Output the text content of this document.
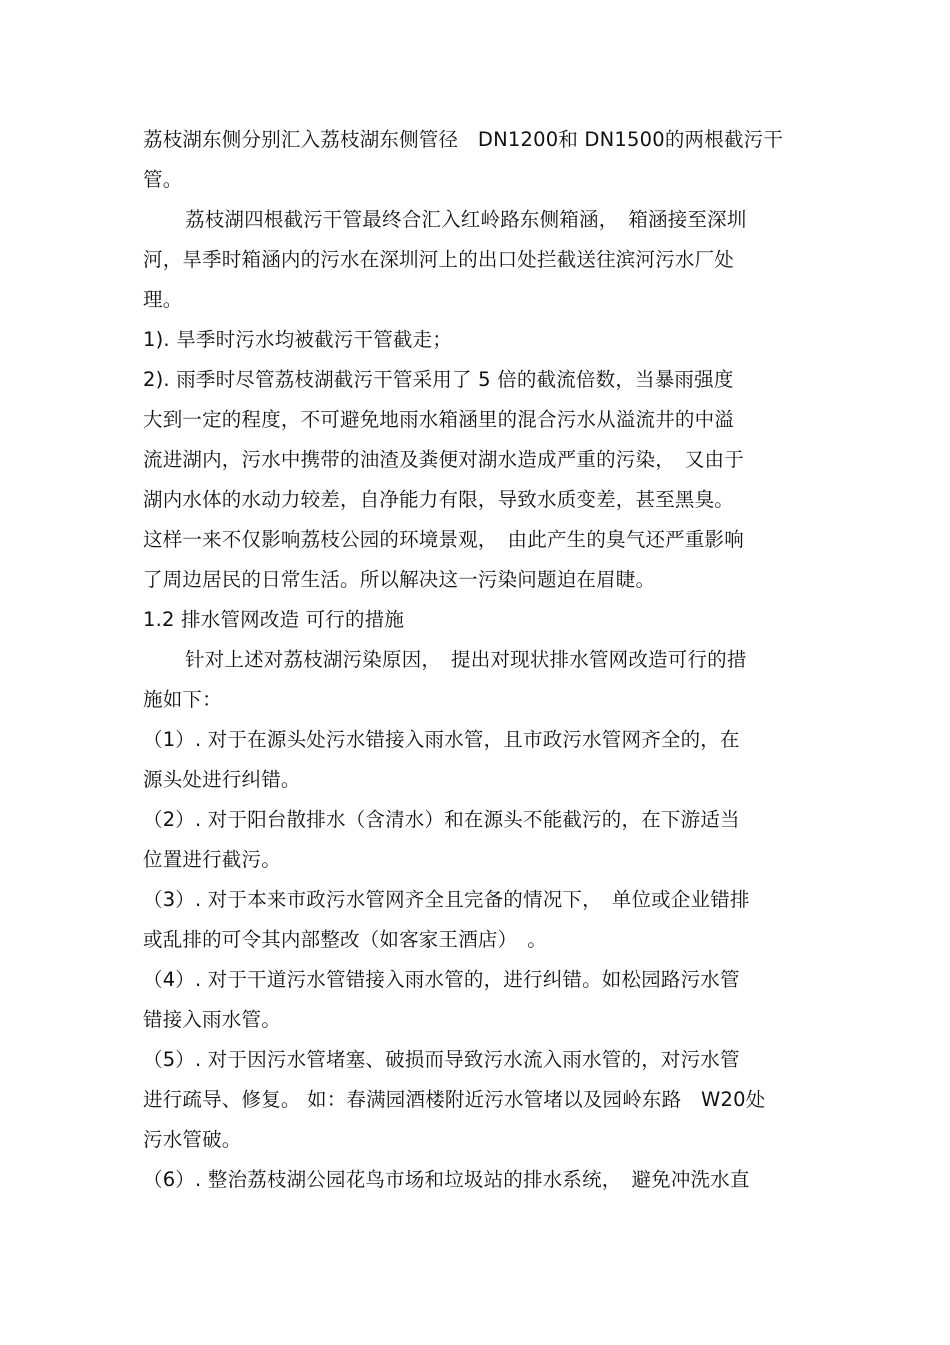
荔枝湖东侧分别汇入荔枝湖东侧管径　DN1200和 DN1500的两根截污干
管。
荔枝湖四根截污干管最终合汇入红岭路东侧箱涵，　箱涵接至深圳
河，旱季时箱涵内的污水在深圳河上的出口处拦截送往滨河污水厂处
理。
1). 旱季时污水均被截污干管截走；
2). 雨季时尽管荔枝湖截污干管采用了 5 倍的截流倍数，当暴雨强度
大到一定的程度，不可避免地雨水箱涵里的混合污水从溢流井的中溢
流进湖内，污水中携带的油渣及粪便对湖水造成严重的污染，　又由于
湖内水体的水动力较差，自净能力有限，导致水质变差，甚至黑臭。
这样一来不仅影响荔枝公园的环境景观，　由此产生的臭气还严重影响
了周边居民的日常生活。所以解决这一污染问题迫在眉睫。
1.2 排水管网改造 可行的措施
针对上述对荔枝湖污染原因，　提出对现状排水管网改造可行的措
施如下：
（1）. 对于在源头处污水错接入雨水管，且市政污水管网齐全的，在
源头处进行纠错。
（2）. 对于阳台散排水（含清水）和在源头不能截污的，在下游适当
位置进行截污。
（3）. 对于本来市政污水管网齐全且完备的情况下，　单位或企业错排
或乱排的可令其内部整改（如客家王酒店）　。
（4）. 对于干道污水管错接入雨水管的，进行纠错。如松园路污水管
错接入雨水管。
（5）. 对于因污水管堵塞、破损而导致污水流入雨水管的，对污水管
进行疏导、修复。 如：春满园酒楼附近污水管堵以及园岭东路　W20处
污水管破。
（6）. 整治荔枝湖公园花鸟市场和垃圾站的排水系统，　避免冲洗水直
